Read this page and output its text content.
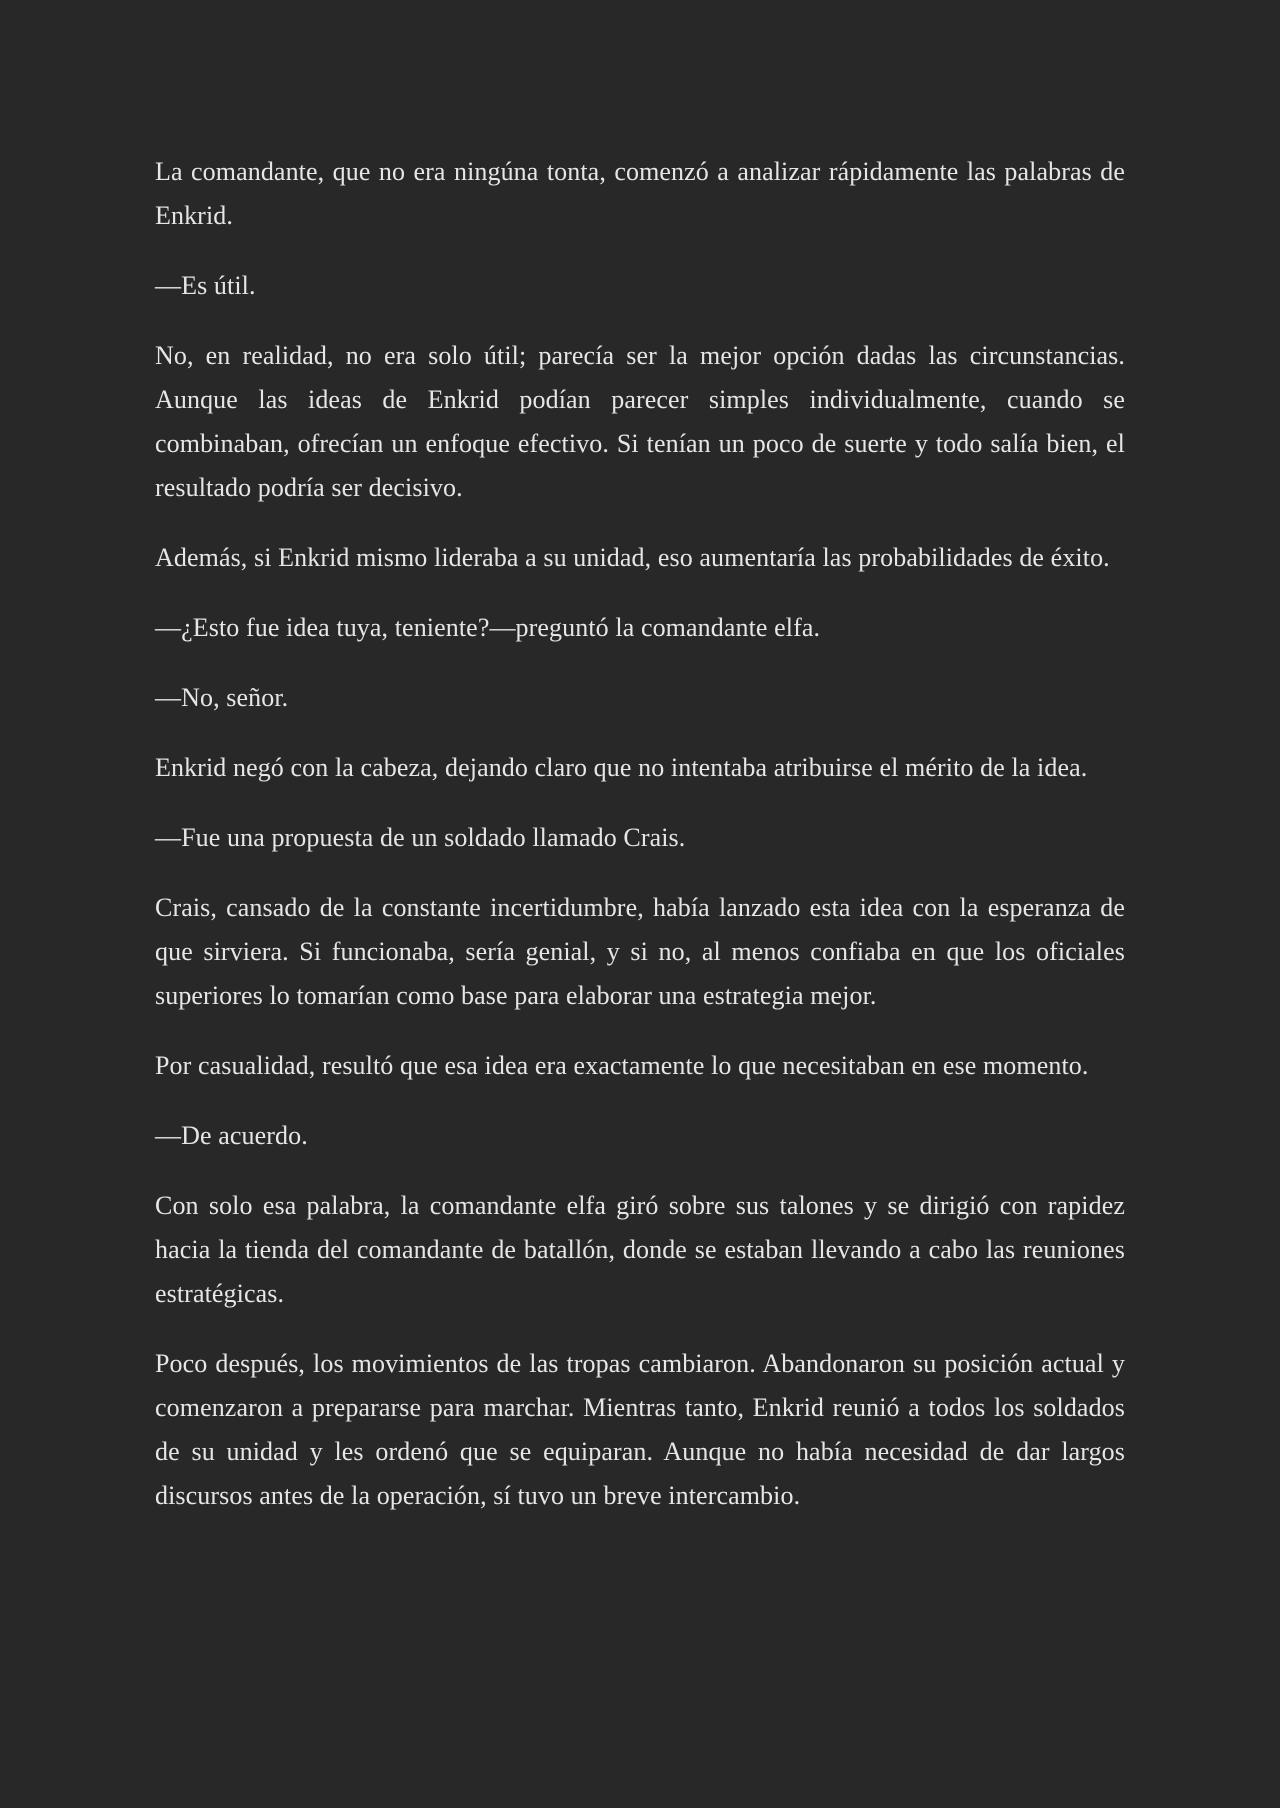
La comandante, que no era ningúna tonta, comenzó a analizar rápidamente las palabras de Enkrid.

—Es útil.

No, en realidad, no era solo útil; parecía ser la mejor opción dadas las circunstancias. Aunque las ideas de Enkrid podían parecer simples individualmente, cuando se combinaban, ofrecían un enfoque efectivo. Si tenían un poco de suerte y todo salía bien, el resultado podría ser decisivo.

Además, si Enkrid mismo lideraba a su unidad, eso aumentaría las probabilidades de éxito.

—¿Esto fue idea tuya, teniente?—preguntó la comandante elfa.

—No, señor.

Enkrid negó con la cabeza, dejando claro que no intentaba atribuirse el mérito de la idea.

—Fue una propuesta de un soldado llamado Crais.

Crais, cansado de la constante incertidumbre, había lanzado esta idea con la esperanza de que sirviera. Si funcionaba, sería genial, y si no, al menos confiaba en que los oficiales superiores lo tomarían como base para elaborar una estrategia mejor.

Por casualidad, resultó que esa idea era exactamente lo que necesitaban en ese momento.

—De acuerdo.

Con solo esa palabra, la comandante elfa giró sobre sus talones y se dirigió con rapidez hacia la tienda del comandante de batallón, donde se estaban llevando a cabo las reuniones estratégicas.

Poco después, los movimientos de las tropas cambiaron. Abandonaron su posición actual y comenzaron a prepararse para marchar. Mientras tanto, Enkrid reunió a todos los soldados de su unidad y les ordenó que se equiparan. Aunque no había necesidad de dar largos discursos antes de la operación, sí tuvo un breve intercambio.
